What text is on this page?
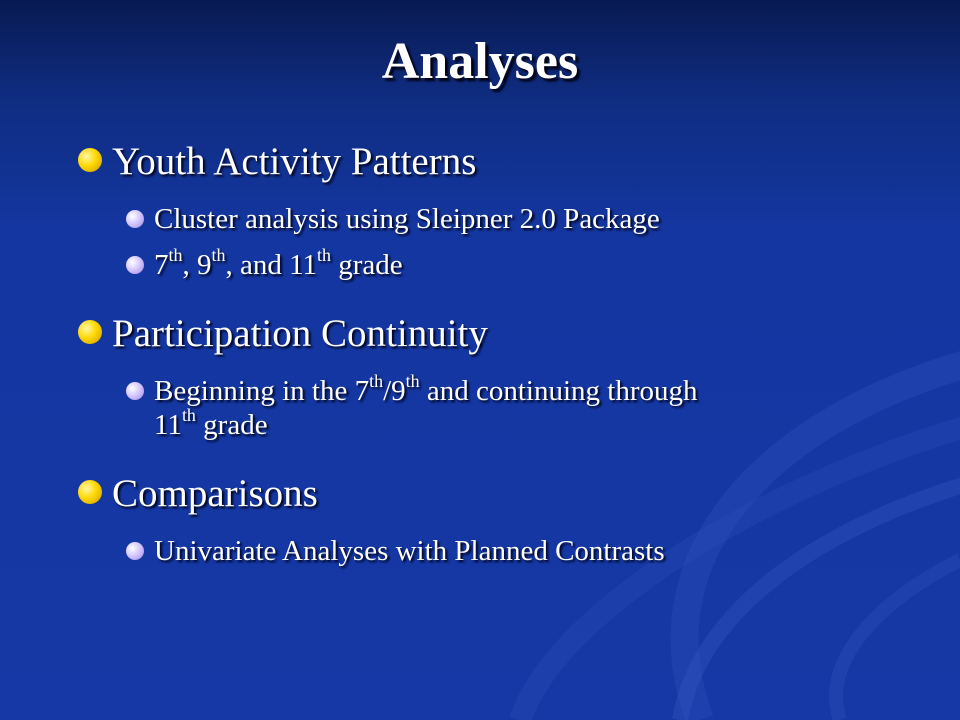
Analyses
Youth Activity Patterns
Cluster analysis using Sleipner 2.0 Package
7th, 9th, and 11th grade
Participation Continuity
Beginning in the 7th/9th and continuing through
11th grade
Comparisons
Univariate Analyses with Planned Contrasts
